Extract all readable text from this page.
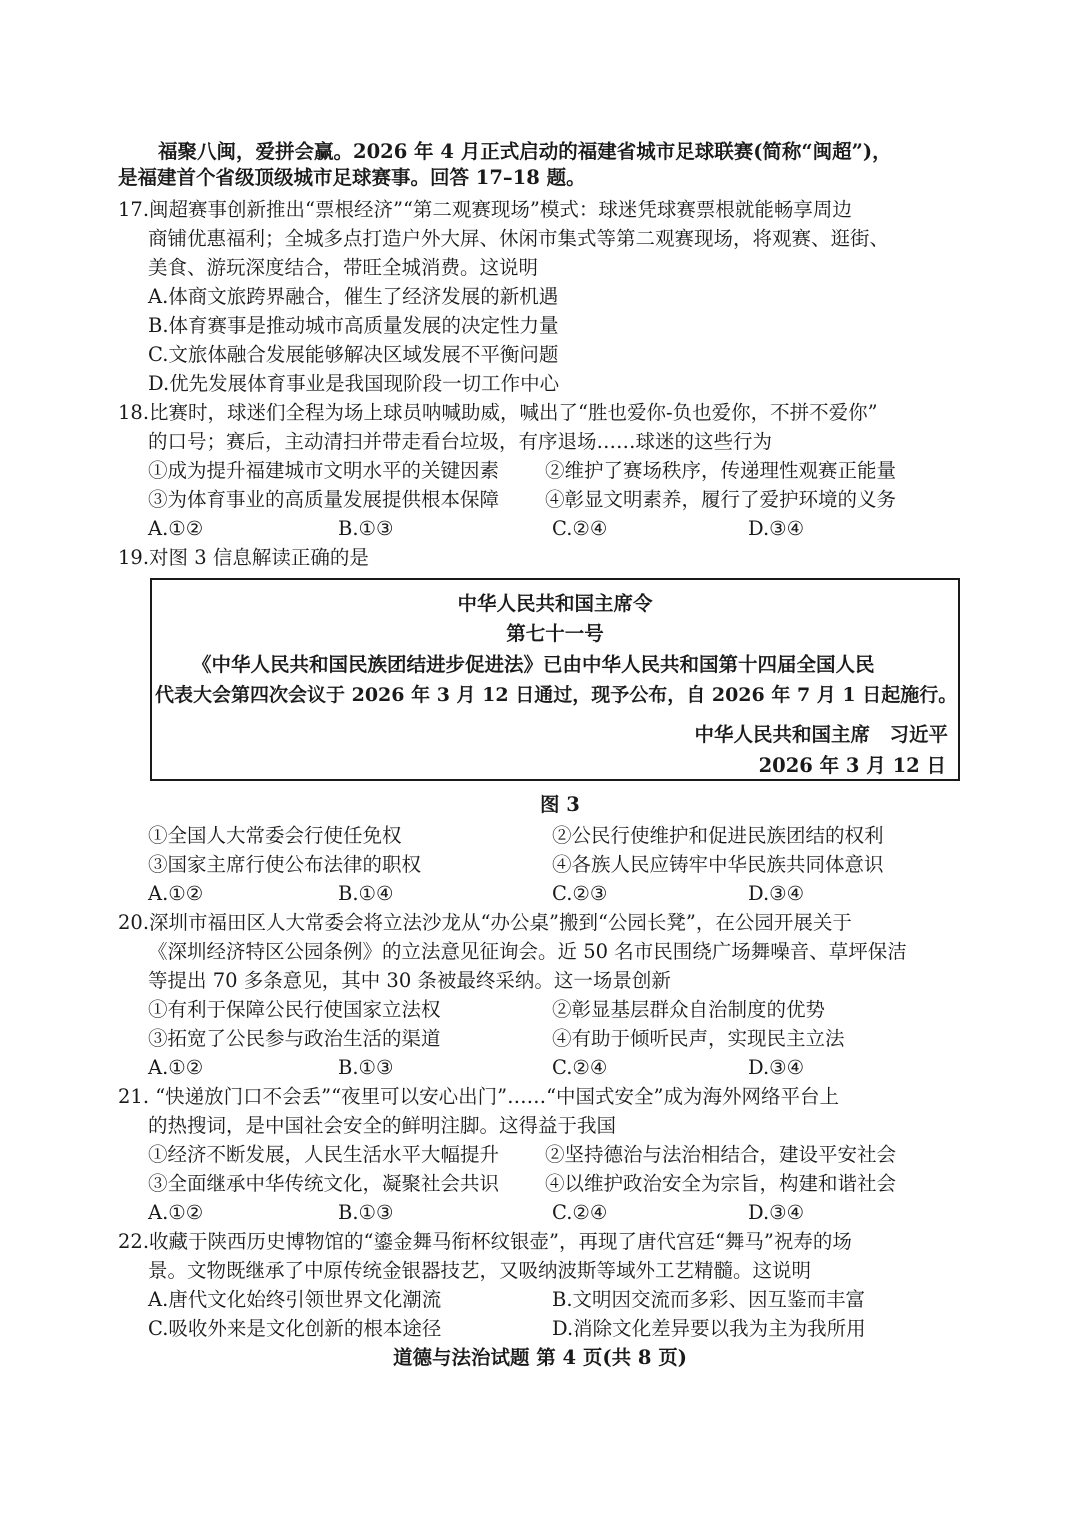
福聚八闽，爱拼会赢。2026 年 4 月正式启动的福建省城市足球联赛(简称“闽超”)，
是福建首个省级顶级城市足球赛事。回答 17–18 题。
17.闽超赛事创新推出“票根经济”“第二观赛现场”模式：球迷凭球赛票根就能畅享周边
商铺优惠福利；全城多点打造户外大屏、休闲市集式等第二观赛现场，将观赛、逛街、
美食、游玩深度结合，带旺全城消费。这说明
A.体商文旅跨界融合，催生了经济发展的新机遇
B.体育赛事是推动城市高质量发展的决定性力量
C.文旅体融合发展能够解决区域发展不平衡问题
D.优先发展体育事业是我国现阶段一切工作中心
18.比赛时，球迷们全程为场上球员呐喊助威，喊出了“胜也爱你-负也爱你，不拼不爱你”
的口号；赛后，主动清扫并带走看台垃圾，有序退场……球迷的这些行为
①成为提升福建城市文明水平的关键因素 ②维护了赛场秩序，传递理性观赛正能量
③为体育事业的高质量发展提供根本保障 ④彰显文明素养，履行了爱护环境的义务
A.①②	B.①③	C.②④	D.③④
19.对图 3 信息解读正确的是
中华人民共和国主席令
第七十一号
《中华人民共和国民族团结进步促进法》已由中华人民共和国第十四届全国人民
代表大会第四次会议于 2026 年 3 月 12 日通过，现予公布，自 2026 年 7 月 1 日起施行。
中华人民共和国主席　习近平
2026 年 3 月 12 日
图 3
①全国人大常委会行使任免权	②公民行使维护和促进民族团结的权利
③国家主席行使公布法律的职权	④各族人民应铸牢中华民族共同体意识
A.①②	B.①④	C.②③	D.③④
20.深圳市福田区人大常委会将立法沙龙从“办公桌”搬到“公园长凳”，在公园开展关于
《深圳经济特区公园条例》的立法意见征询会。近 50 名市民围绕广场舞噪音、草坪保洁
等提出 70 多条意见，其中 30 条被最终采纳。这一场景创新
①有利于保障公民行使国家立法权	②彰显基层群众自治制度的优势
③拓宽了公民参与政治生活的渠道	④有助于倾听民声，实现民主立法
A.①②	B.①③	C.②④	D.③④
21. “快递放门口不会丢”“夜里可以安心出门”……“中国式安全”成为海外网络平台上
的热搜词，是中国社会安全的鲜明注脚。这得益于我国
①经济不断发展，人民生活水平大幅提升 ②坚持德治与法治相结合，建设平安社会
③全面继承中华传统文化，凝聚社会共识 ④以维护政治安全为宗旨，构建和谐社会
A.①②	B.①③	C.②④	D.③④
22.收藏于陕西历史博物馆的“鎏金舞马衔杯纹银壶”，再现了唐代宫廷“舞马”祝寿的场
景。文物既继承了中原传统金银器技艺，又吸纳波斯等域外工艺精髓。这说明
A.唐代文化始终引领世界文化潮流	B.文明因交流而多彩、因互鉴而丰富
C.吸收外来是文化创新的根本途径	D.消除文化差异要以我为主为我所用
道德与法治试题 第 4 页(共 8 页)
